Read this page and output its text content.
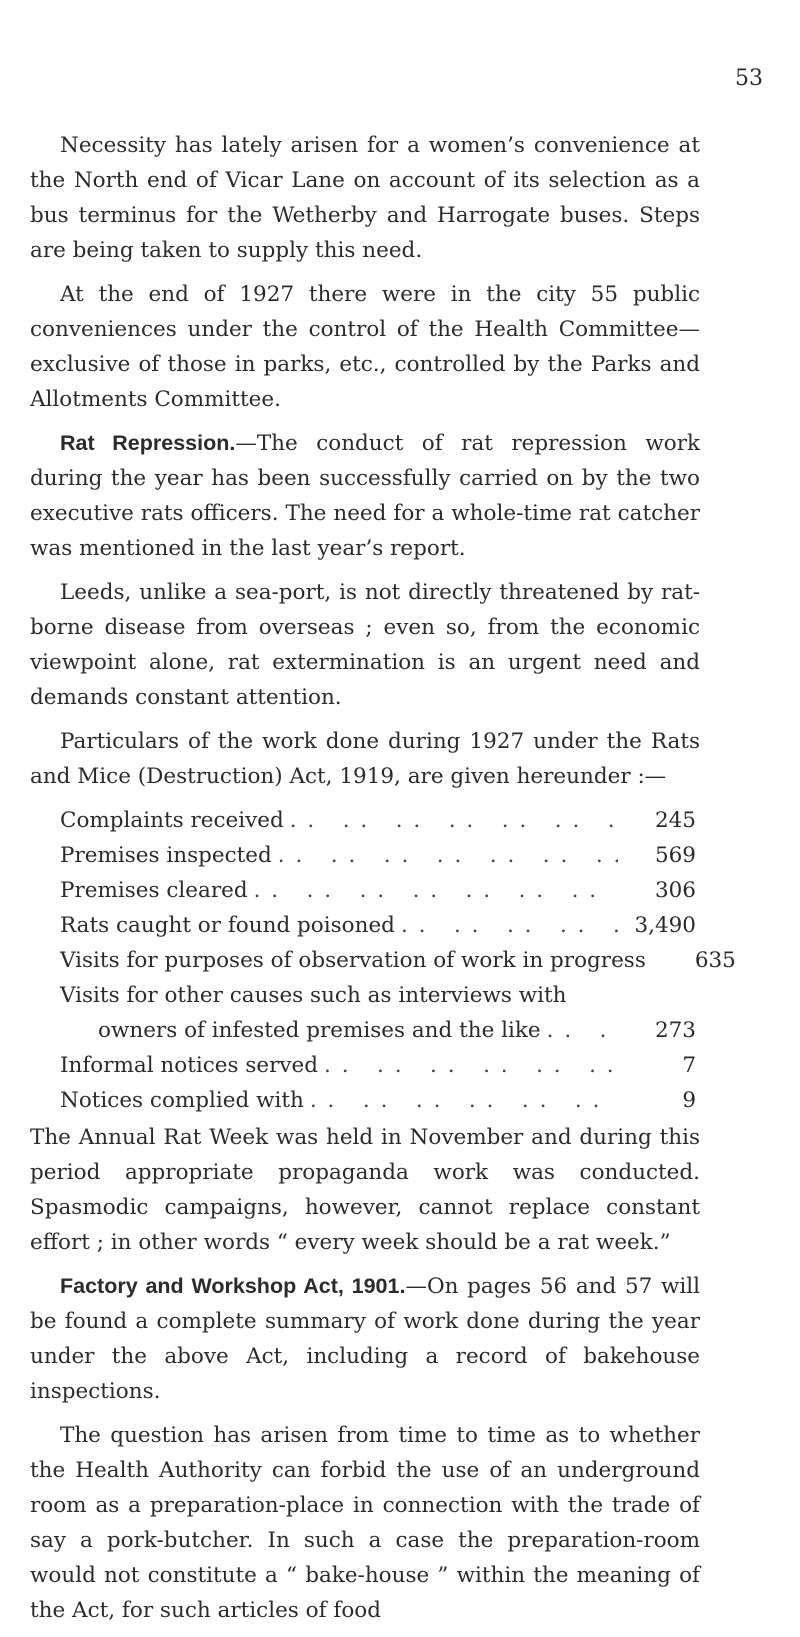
53

Necessity has lately arisen for a women’s convenience at the North end of Vicar Lane on account of its selection as a bus terminus for the Wetherby and Harrogate buses. Steps are being taken to supply this need.

At the end of 1927 there were in the city 55 public conveniences under the control of the Health Committee—exclusive of those in parks, etc., controlled by the Parks and Allotments Committee.

Rat Repression.—The conduct of rat repression work during the year has been successfully carried on by the two executive rats officers. The need for a whole-time rat catcher was mentioned in the last year’s report.

Leeds, unlike a sea-port, is not directly threatened by rat-borne disease from overseas ; even so, from the economic viewpoint alone, rat extermination is an urgent need and demands constant attention.

Particulars of the work done during 1927 under the Rats and Mice (Destruction) Act, 1919, are given hereunder :—

Complaints received . .	245
Premises inspected . .	569
Premises cleared . .	306
Rats caught or found poisoned . .	3,490
Visits for purposes of observation of work in progress	635
Visits for other causes such as interviews with
owners of infested premises and the like . .	273
Informal notices served . .	7
Notices complied with . .	9

The Annual Rat Week was held in November and during this period appropriate propaganda work was conducted. Spasmodic campaigns, however, cannot replace constant effort ; in other words “ every week should be a rat week.”

Factory and Workshop Act, 1901.—On pages 56 and 57 will be found a complete summary of work done during the year under the above Act, including a record of bakehouse inspections.

The question has arisen from time to time as to whether the Health Authority can forbid the use of an underground room as a preparation-place in connection with the trade of say a pork-butcher. In such a case the preparation-room would not constitute a “ bake-house ” within the meaning of the Act, for such articles of food
